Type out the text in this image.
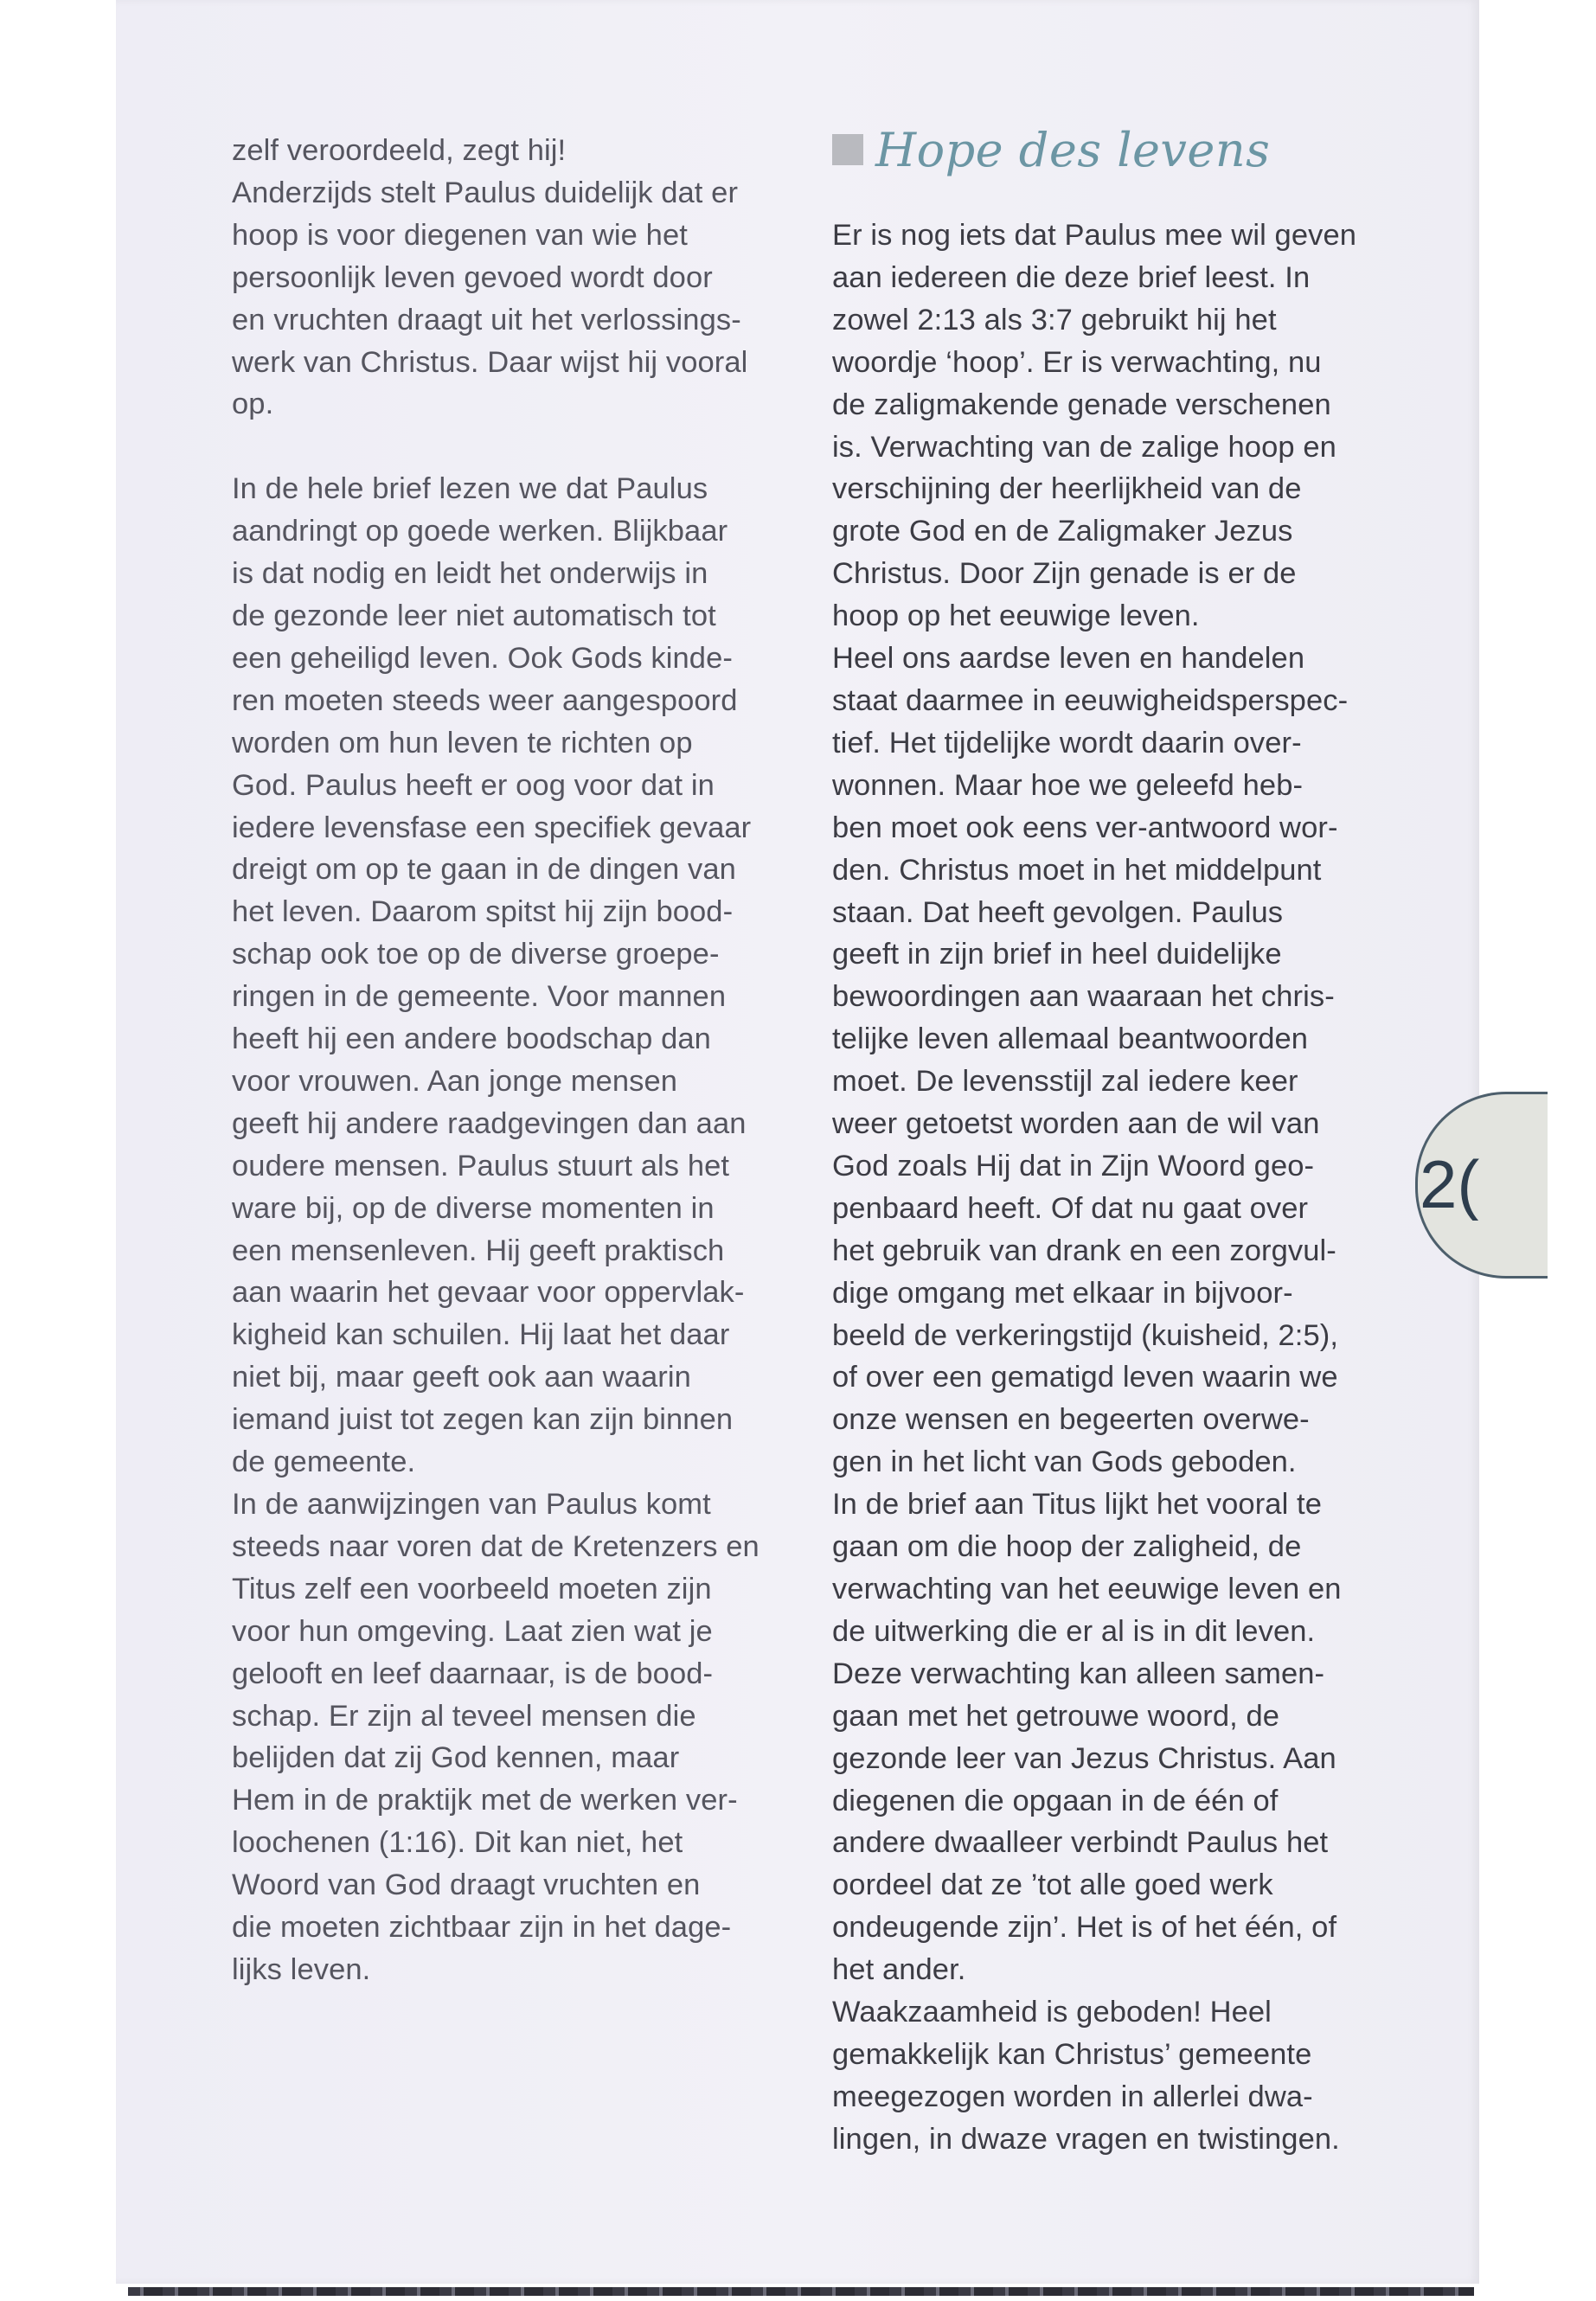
zelf veroordeeld, zegt hij!
Anderzijds stelt Paulus duidelijk dat er
hoop is voor diegenen van wie het
persoonlijk leven gevoed wordt door
en vruchten draagt uit het verlossings-
werk van Christus. Daar wijst hij vooral
op.

In de hele brief lezen we dat Paulus
aandringt op goede werken. Blijkbaar
is dat nodig en leidt het onderwijs in
de gezonde leer niet automatisch tot
een geheiligd leven. Ook Gods kinde-
ren moeten steeds weer aangespoord
worden om hun leven te richten op
God. Paulus heeft er oog voor dat in
iedere levensfase een specifiek gevaar
dreigt om op te gaan in de dingen van
het leven. Daarom spitst hij zijn bood-
schap ook toe op de diverse groepe-
ringen in de gemeente. Voor mannen
heeft hij een andere boodschap dan
voor vrouwen. Aan jonge mensen
geeft hij andere raadgevingen dan aan
oudere mensen. Paulus stuurt als het
ware bij, op de diverse momenten in
een mensenleven. Hij geeft praktisch
aan waarin het gevaar voor oppervlak-
kigheid kan schuilen. Hij laat het daar
niet bij, maar geeft ook aan waarin
iemand juist tot zegen kan zijn binnen
de gemeente.
In de aanwijzingen van Paulus komt
steeds naar voren dat de Kretenzers en
Titus zelf een voorbeeld moeten zijn
voor hun omgeving. Laat zien wat je
gelooft en leef daarnaar, is de bood-
schap. Er zijn al teveel mensen die
belijden dat zij God kennen, maar
Hem in de praktijk met de werken ver-
loochenen (1:16). Dit kan niet, het
Woord van God draagt vruchten en
die moeten zichtbaar zijn in het dage-
lijks leven.
Hope des levens
Er is nog iets dat Paulus mee wil geven
aan iedereen die deze brief leest. In
zowel 2:13 als 3:7 gebruikt hij het
woordje ‘hoop’. Er is verwachting, nu
de zaligmakende genade verschenen
is. Verwachting van de zalige hoop en
verschijning der heerlijkheid van de
grote God en de Zaligmaker Jezus
Christus. Door Zijn genade is er de
hoop op het eeuwige leven.
Heel ons aardse leven en handelen
staat daarmee in eeuwigheidsperspec-
tief. Het tijdelijke wordt daarin over-
wonnen. Maar hoe we geleefd heb-
ben moet ook eens ver-antwoord wor-
den. Christus moet in het middelpunt
staan. Dat heeft gevolgen. Paulus
geeft in zijn brief in heel duidelijke
bewoordingen aan waaraan het chris-
telijke leven allemaal beantwoorden
moet. De levensstijl zal iedere keer
weer getoetst worden aan de wil van
God zoals Hij dat in Zijn Woord geo-
penbaard heeft. Of dat nu gaat over
het gebruik van drank en een zorgvul-
dige omgang met elkaar in bijvoor-
beeld de verkeringstijd (kuisheid, 2:5),
of over een gematigd leven waarin we
onze wensen en begeerten overwe-
gen in het licht van Gods geboden.
In de brief aan Titus lijkt het vooral te
gaan om die hoop der zaligheid, de
verwachting van het eeuwige leven en
de uitwerking die er al is in dit leven.
Deze verwachting kan alleen samen-
gaan met het getrouwe woord, de
gezonde leer van Jezus Christus. Aan
diegenen die opgaan in de één of
andere dwaalleer verbindt Paulus het
oordeel dat ze ’tot alle goed werk
ondeugende zijn’. Het is of het één, of
het ander.
Waakzaamheid is geboden! Heel
gemakkelijk kan Christus’ gemeente
meegezogen worden in allerlei dwa-
lingen, in dwaze vragen en twistingen.
2(
